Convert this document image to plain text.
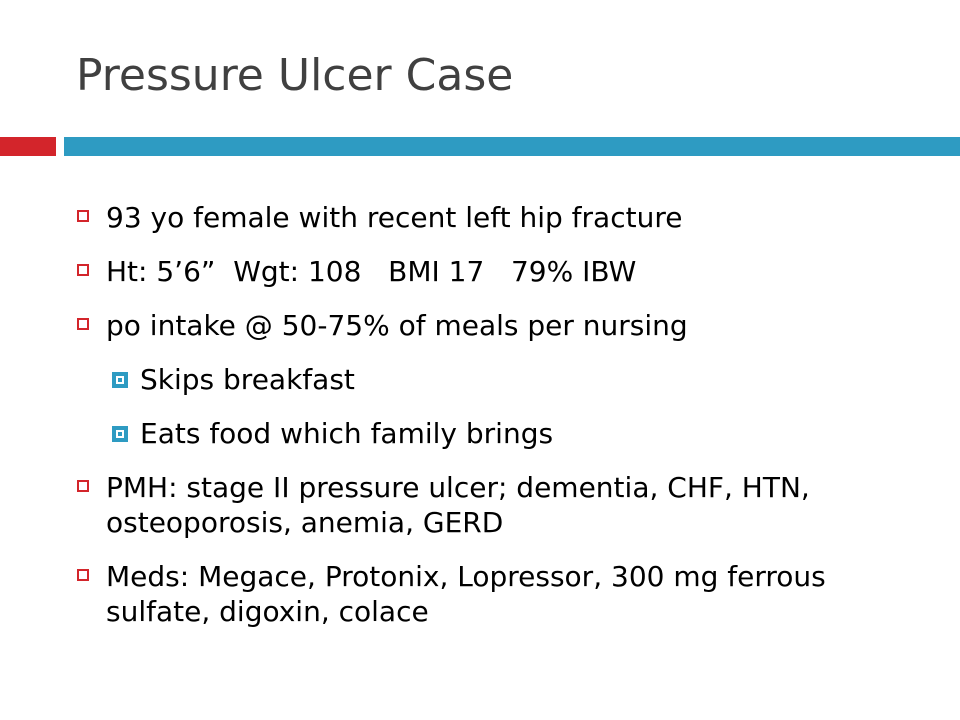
Pressure Ulcer Case
93 yo female with recent left hip fracture
Ht: 5’6”  Wgt: 108   BMI 17   79% IBW
po intake @ 50-75% of meals per nursing
Skips breakfast
Eats food which family brings
PMH: stage II pressure ulcer; dementia, CHF, HTN, osteoporosis, anemia, GERD
Meds: Megace, Protonix, Lopressor, 300 mg ferrous sulfate, digoxin, colace
